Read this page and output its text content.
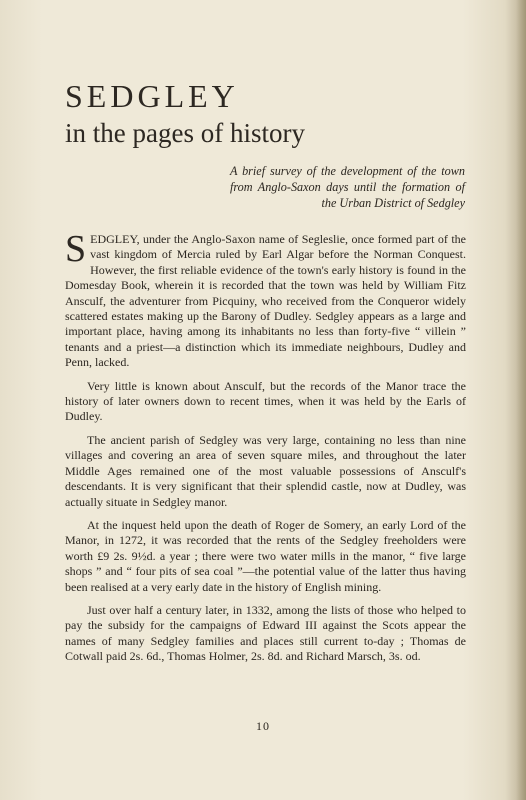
SEDGLEY
in the pages of history

A brief survey of the development of the town from Anglo-Saxon days until the formation of the Urban District of Sedgley

SEDGLEY, under the Anglo-Saxon name of Segleslie, once formed part of the vast kingdom of Mercia ruled by Earl Algar before the Norman Conquest. However, the first reliable evidence of the town's early history is found in the Domesday Book, wherein it is recorded that the town was held by William Fitz Ansculf, the adventurer from Picquiny, who received from the Conqueror widely scattered estates making up the Barony of Dudley. Sedgley appears as a large and important place, having among its inhabitants no less than forty-five “ villein ” tenants and a priest—a distinction which its immediate neighbours, Dudley and Penn, lacked.

Very little is known about Ansculf, but the records of the Manor trace the history of later owners down to recent times, when it was held by the Earls of Dudley.

The ancient parish of Sedgley was very large, containing no less than nine villages and covering an area of seven square miles, and throughout the later Middle Ages remained one of the most valuable possessions of Ansculf's descendants. It is very significant that their splendid castle, now at Dudley, was actually situate in Sedgley manor.

At the inquest held upon the death of Roger de Somery, an early Lord of the Manor, in 1272, it was recorded that the rents of the Sedgley freeholders were worth £9 2s. 9½d. a year ; there were two water mills in the manor, “ five large shops ” and “ four pits of sea coal ”—the potential value of the latter thus having been realised at a very early date in the history of English mining.

Just over half a century later, in 1332, among the lists of those who helped to pay the subsidy for the campaigns of Edward III against the Scots appear the names of many Sedgley families and places still current to-day ; Thomas de Cotwall paid 2s. 6d., Thomas Holmer, 2s. 8d. and Richard Marsch, 3s. od.

10
